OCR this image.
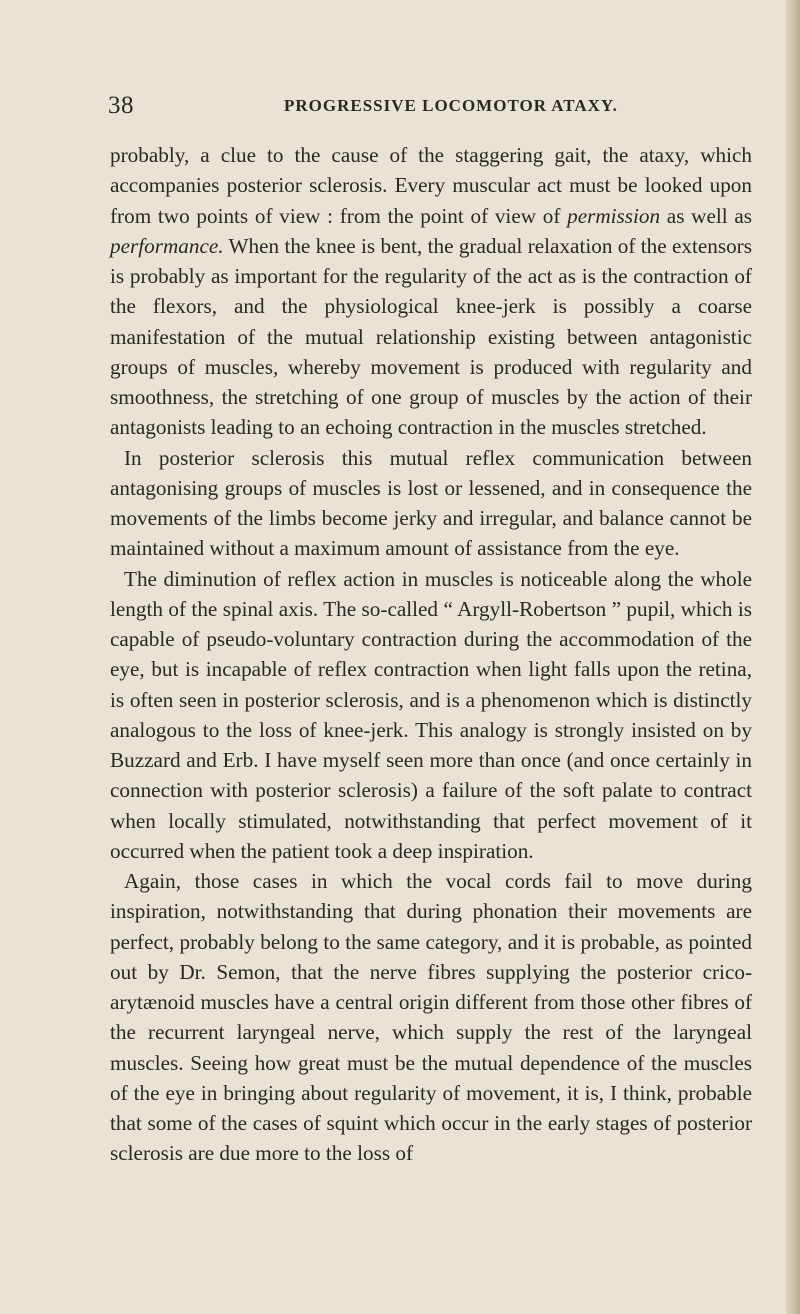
38	PROGRESSIVE LOCOMOTOR ATAXY.

probably, a clue to the cause of the staggering gait, the ataxy, which accompanies posterior sclerosis. Every muscular act must be looked upon from two points of view : from the point of view of permission as well as performance. When the knee is bent, the gradual relaxation of the extensors is probably as important for the regularity of the act as is the contraction of the flexors, and the physiological knee-jerk is possibly a coarse manifestation of the mutual relationship existing between antagonistic groups of muscles, whereby movement is produced with regularity and smoothness, the stretching of one group of muscles by the action of their antagonists leading to an echoing contraction in the muscles stretched.

In posterior sclerosis this mutual reflex communication between antagonising groups of muscles is lost or lessened, and in consequence the movements of the limbs become jerky and irregular, and balance cannot be maintained without a maximum amount of assistance from the eye.

The diminution of reflex action in muscles is noticeable along the whole length of the spinal axis. The so-called “ Argyll-Robertson ” pupil, which is capable of pseudo-voluntary contraction during the accommodation of the eye, but is incapable of reflex contraction when light falls upon the retina, is often seen in posterior sclerosis, and is a phenomenon which is distinctly analogous to the loss of knee-jerk. This analogy is strongly insisted on by Buzzard and Erb. I have myself seen more than once (and once certainly in connection with posterior sclerosis) a failure of the soft palate to contract when locally stimulated, notwithstanding that perfect movement of it occurred when the patient took a deep inspiration.

Again, those cases in which the vocal cords fail to move during inspiration, notwithstanding that during phonation their movements are perfect, probably belong to the same category, and it is probable, as pointed out by Dr. Semon, that the nerve fibres supplying the posterior crico-arytænoid muscles have a central origin different from those other fibres of the recurrent laryngeal nerve, which supply the rest of the laryngeal muscles. Seeing how great must be the mutual dependence of the muscles of the eye in bringing about regularity of movement, it is, I think, probable that some of the cases of squint which occur in the early stages of posterior sclerosis are due more to the loss of
